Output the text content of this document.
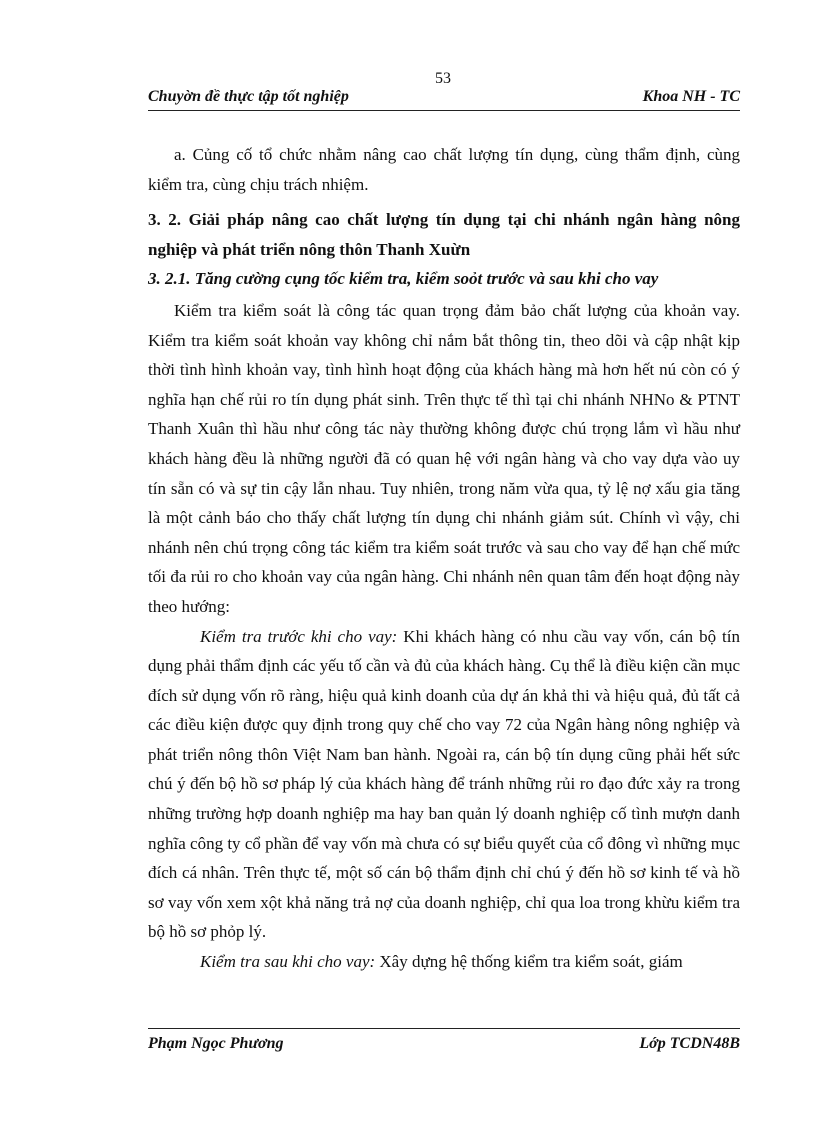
53
Chuyờn đề thực tập tốt nghiệp	Khoa NH - TC

a. Củng cố tổ chức nhằm nâng cao chất lượng tín dụng, cùng thẩm định, cùng kiểm tra, cùng chịu trách nhiệm.

3. 2. Giải pháp nâng cao chất lượng tín dụng tại chi nhánh ngân hàng nông nghiệp và phát triển nông thôn Thanh Xuừn

3. 2.1. Tăng cường cụng tốc kiểm tra, kiểm soỏt trước và sau khi cho vay

Kiểm tra kiểm soát là công tác quan trọng đảm bảo chất lượng của khoản vay. Kiểm tra kiểm soát khoản vay không chỉ nắm bắt thông tin, theo dõi và cập nhật kịp thời tình hình khoản vay, tình hình hoạt động của khách hàng mà hơn hết nú còn có ý nghĩa hạn chế rủi ro tín dụng phát sinh. Trên thực tế thì tại chi nhánh NHNo & PTNT Thanh Xuân thì hầu như công tác này thường không được chú trọng lắm vì hầu như khách hàng đều là những người đã có quan hệ với ngân hàng và cho vay dựa vào uy tín sẵn có và sự tin cậy lẫn nhau. Tuy nhiên, trong năm vừa qua, tỷ lệ nợ xấu gia tăng là một cảnh báo cho thấy chất lượng tín dụng chi nhánh giảm sút. Chính vì vậy, chi nhánh nên chú trọng công tác kiểm tra kiểm soát trước và sau cho vay để hạn chế mức tối đa rủi ro cho khoản vay của ngân hàng. Chi nhánh nên quan tâm đến hoạt động này theo hướng:

Kiểm tra trước khi cho vay: Khi khách hàng có nhu cầu vay vốn, cán bộ tín dụng phải thẩm định các yếu tố cần và đủ của khách hàng. Cụ thể là điều kiện cần mục đích sử dụng vốn rõ ràng, hiệu quả kinh doanh của dự án khả thi và hiệu quả, đủ tất cả các điều kiện được quy định trong quy chế cho vay 72 của Ngân hàng nông nghiệp và phát triển nông thôn Việt Nam ban hành. Ngoài ra, cán bộ tín dụng cũng phải hết sức chú ý đến bộ hồ sơ pháp lý của khách hàng để tránh những rủi ro đạo đức xảy ra trong những trường hợp doanh nghiệp ma hay ban quản lý doanh nghiệp cố tình mượn danh nghĩa công ty cổ phần để vay vốn mà chưa có sự biểu quyết của cổ đông vì những mục đích cá nhân. Trên thực tế, một số cán bộ thẩm định chỉ chú ý đến hồ sơ kinh tế và hồ sơ vay vốn xem xột khả năng trả nợ của doanh nghiệp, chỉ qua loa trong khừu kiểm tra bộ hồ sơ phỏp lý.

Kiểm tra sau khi cho vay: Xây dựng hệ thống kiểm tra kiểm soát, giám

Phạm Ngọc Phương	Lớp TCDN48B
